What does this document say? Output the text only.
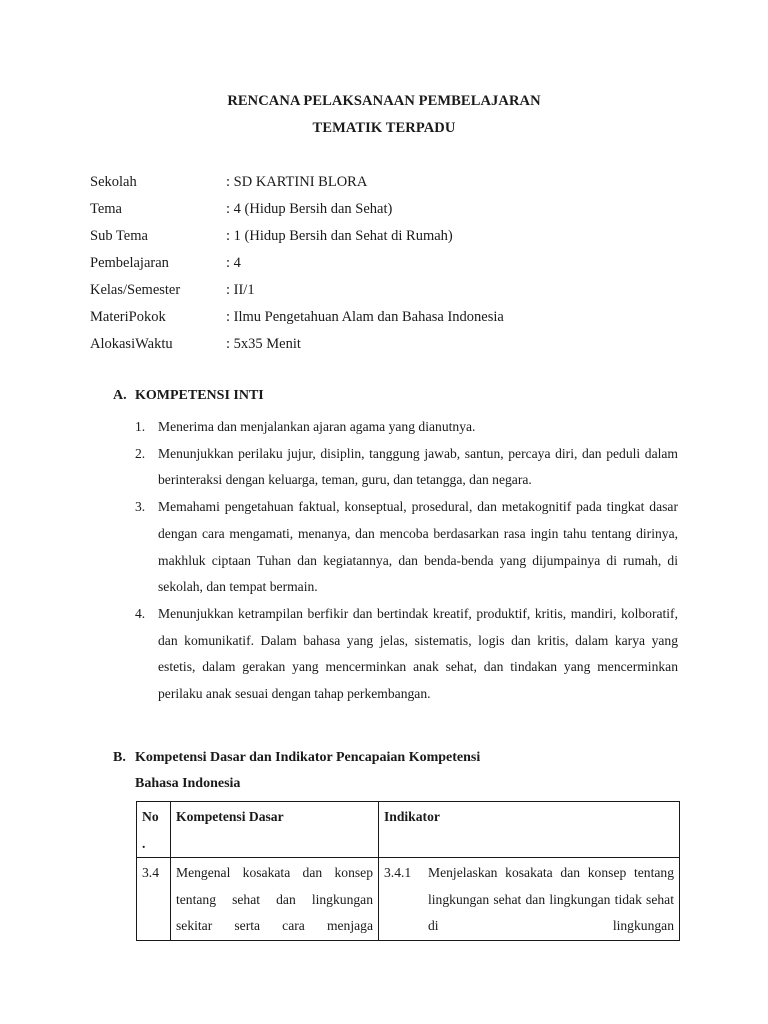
RENCANA PELAKSANAAN PEMBELAJARAN
TEMATIK TERPADU
Sekolah	: SD KARTINI BLORA
Tema	: 4 (Hidup Bersih dan Sehat)
Sub Tema	: 1 (Hidup Bersih dan Sehat di Rumah)
Pembelajaran	: 4
Kelas/Semester	: II/1
MateriPokok	: Ilmu Pengetahuan Alam dan Bahasa Indonesia
AlokasiWaktu	: 5x35 Menit
A. KOMPETENSI INTI
1. Menerima dan menjalankan ajaran agama yang dianutnya.
2. Menunjukkan perilaku jujur, disiplin, tanggung jawab, santun, percaya diri, dan peduli dalam berinteraksi dengan keluarga, teman, guru, dan tetangga, dan negara.
3. Memahami pengetahuan faktual, konseptual, prosedural, dan metakognitif pada tingkat dasar dengan cara mengamati, menanya, dan mencoba berdasarkan rasa ingin tahu tentang dirinya, makhluk ciptaan Tuhan dan kegiatannya, dan benda-benda yang dijumpainya di rumah, di sekolah, dan tempat bermain.
4. Menunjukkan ketrampilan berfikir dan bertindak kreatif, produktif, kritis, mandiri, kolboratif, dan komunikatif. Dalam bahasa yang jelas, sistematis, logis dan kritis, dalam karya yang estetis, dalam gerakan yang mencerminkan anak sehat, dan tindakan yang mencerminkan perilaku anak sesuai dengan tahap perkembangan.
B. Kompetensi Dasar dan Indikator Pencapaian Kompetensi
Bahasa Indonesia
No .	Kompetensi Dasar	Indikator
3.4	Mengenal kosakata dan konsep tentang sehat dan lingkungan sekitar serta cara menjaga	3.4.1 Menjelaskan kosakata dan konsep tentang lingkungan sehat dan lingkungan tidak sehat di lingkungan
